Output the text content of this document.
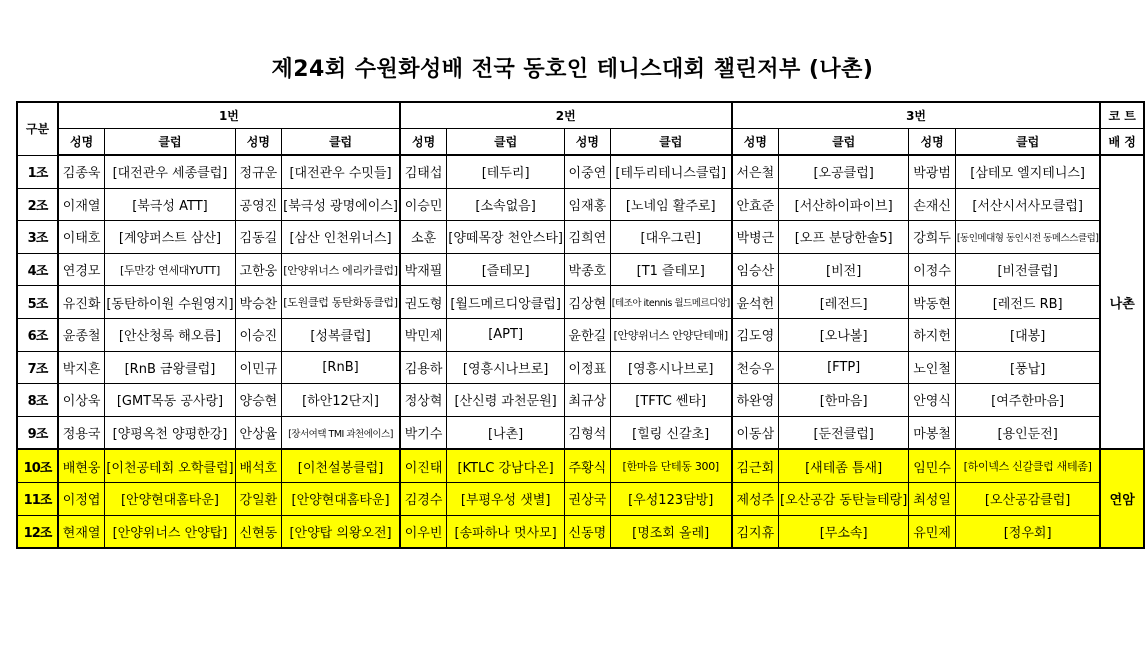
제24회 수원화성배 전국 동호인 테니스대회 챌린저부 (나촌)
구분	1번				2번				3번				코 트
	성명	클럽	성명	클럽	성명	클럽	성명	클럽	성명	클럽	성명	클럽	배 정
1조	김종욱	[대전관우 세종클럽]	정규운	[대전관우 수밋들]	김태섭	[테두리]	이중연	[테두리테니스클럽]	서은철	[오공클럽]	박광범	[삼테모 엘지테니스]	나촌
2조	이재열	[북극성 ATT]	공영진	[북극성 광명에이스]	이승민	[소속없음]	임재홍	[노네임 활주로]	안효준	[서산하이파이브]	손재신	[서산시서사모클럽]	
3조	이태호	[계양퍼스트 삼산]	김동길	[삼산 인천위너스]	소훈	[양떼목장 천안스타]	김희연	[대우그린]	박병근	[오프 분당한솔5]	강희두	[동인메대형 동인시전 동메스스클럽]	
4조	연경모	[두만강 연세대YUTT]	고한웅	[안양위너스 에리카클럽]	박재필	[즐테모]	박종호	[T1 즐테모]	임승산	[비전]	이정수	[비전클럽]	
5조	유진화	[동탄하이원 수원영지]	박승찬	[도원클럽 동탄화동클럽]	권도형	[월드메르디앙클럽]	김상현	[테조아 itennis 월드메르디앙]	윤석헌	[레전드]	박동현	[레전드 RB]	
6조	윤종철	[안산청록 해오름]	이승진	[성복클럽]	박민제	[APT]	윤한길	[안양위너스 안양단테매]	김도영	[오나볼]	하지헌	[대봉]	
7조	박지흔	[RnB 금왕클럽]	이민규	[RnB]	김용하	[영흥시나브로]	이정표	[영흥시나브로]	천승우	[FTP]	노인철	[풍납]	
8조	이상욱	[GMT목동 공사랑]	양승현	[하안12단지]	정상혁	[산신령 과천문원]	최규상	[TFTC 쎈타]	하완영	[한마음]	안영식	[여주한마음]	
9조	정용국	[양평옥천 양평한강]	안상율	[장서여택 TMI 과천에이스]	박기수	[나촌]	김형석	[힐링 신갈초]	이동삼	[둔전클럽]	마봉철	[용인둔전]	
10조	배현웅	[이천공테회 오학클럽]	배석호	[이천설봉클럽]	이진태	[KTLC 강남다온]	주황식	[한마음 단테동 300]	김근회	[새테좀 틈새]	임민수	[하이넥스 신갈클럽 새테좀]	연암
11조	이정엽	[안양현대홈타운]	강일환	[안양현대홈타운]	김경수	[부평우성 샛별]	권상국	[우성123담방]	제성주	[오산공감 동탄늘테랑]	최성일	[오산공감클럽]	
12조	현재열	[안양위너스 안양탑]	신현동	[안양탑 의왕오전]	이우빈	[송파하나 멋사모]	신동명	[명조회 올레]	김지휴	[무소속]	유민제	[정우회]	
